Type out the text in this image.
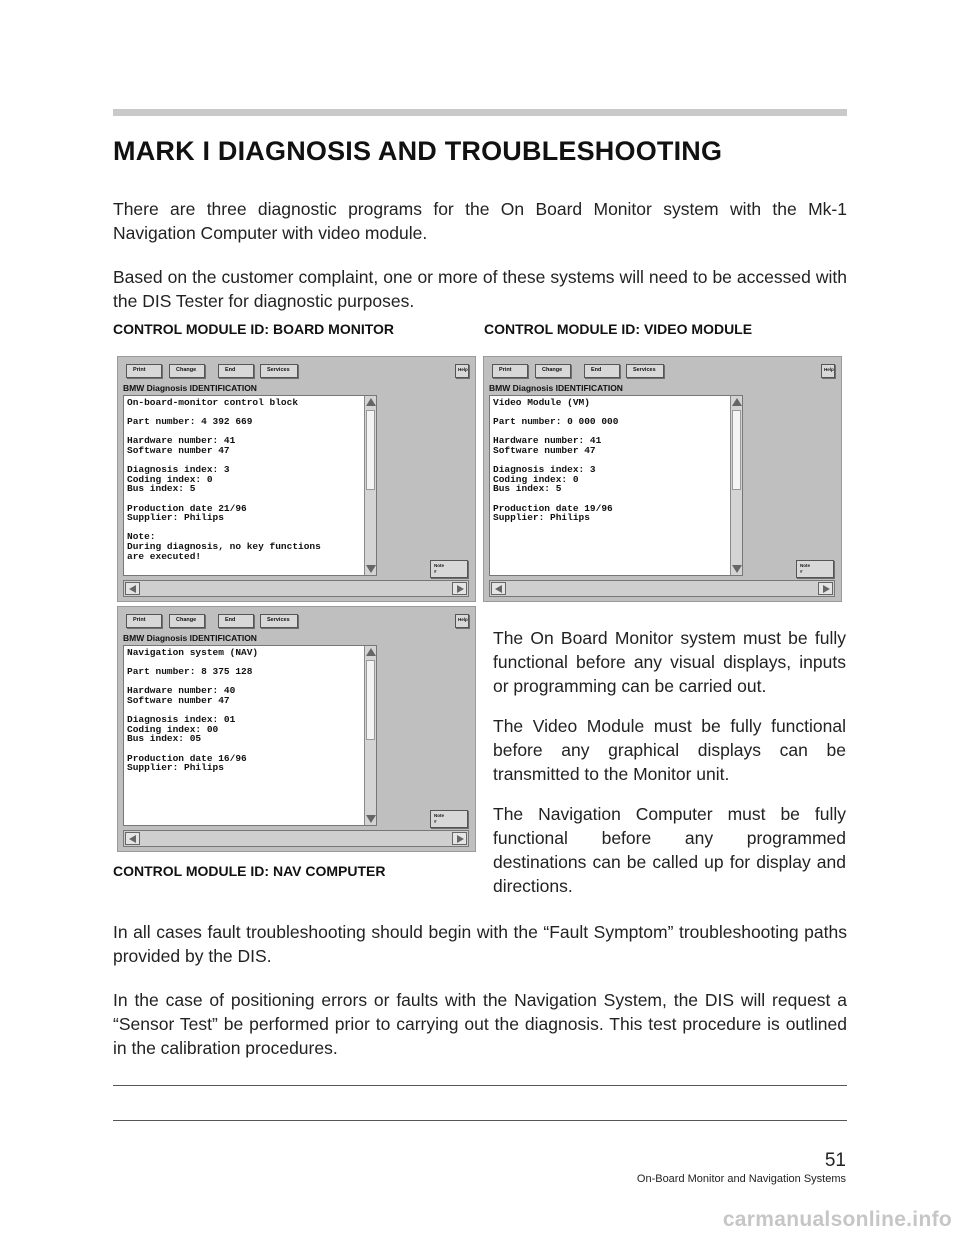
MARK I DIAGNOSIS AND TROUBLESHOOTING

There are three diagnostic programs for the On Board Monitor system with the Mk-1 Navigation Computer with video module.

Based on the customer complaint, one or more of these systems will need to be accessed with the DIS Tester for diagnostic purposes.

CONTROL MODULE ID: BOARD MONITOR	CONTROL MODULE ID: VIDEO MODULE

Print	Change	End	Services	Help
BMW Diagnosis IDENTIFICATION
On-board-monitor control block

Part number: 4 392 669

Hardware number: 41
Software number 47

Diagnosis index: 3
Coding index: 0
Bus index: 5

Production date 21/96
Supplier: Philips

Note:
During diagnosis, no key functions
are executed!
Note
#
Print	Change	End	Services	Help
BMW Diagnosis IDENTIFICATION
Video Module (VM)

Part number: 0 000 000

Hardware number: 41
Software number 47

Diagnosis index: 3
Coding index: 0
Bus index: 5

Production date 19/96
Supplier: Philips
Note
#
Print	Change	End	Services	Help
BMW Diagnosis IDENTIFICATION
Navigation system (NAV)

Part number: 8 375 128

Hardware number: 40
Software number 47

Diagnosis index: 01
Coding index: 00
Bus index: 05

Production date 16/96
Supplier: Philips
Note
#

The On Board Monitor system must be fully functional before any visual displays, inputs or programming can be carried out.

The Video Module must be fully functional before any graphical displays can be transmitted to the Monitor unit.

The Navigation Computer must be fully functional before any programmed destinations can be called up for display and directions.

CONTROL MODULE ID: NAV COMPUTER

In all cases fault troubleshooting should begin with the “Fault Symptom” troubleshooting paths provided by the DIS.

In the case of positioning errors or faults with the Navigation System, the DIS will request a “Sensor Test” be performed prior to carrying out the diagnosis. This test procedure is outlined in the calibration procedures.

51

On-Board Monitor and Navigation Systems

carmanualsonline.info
